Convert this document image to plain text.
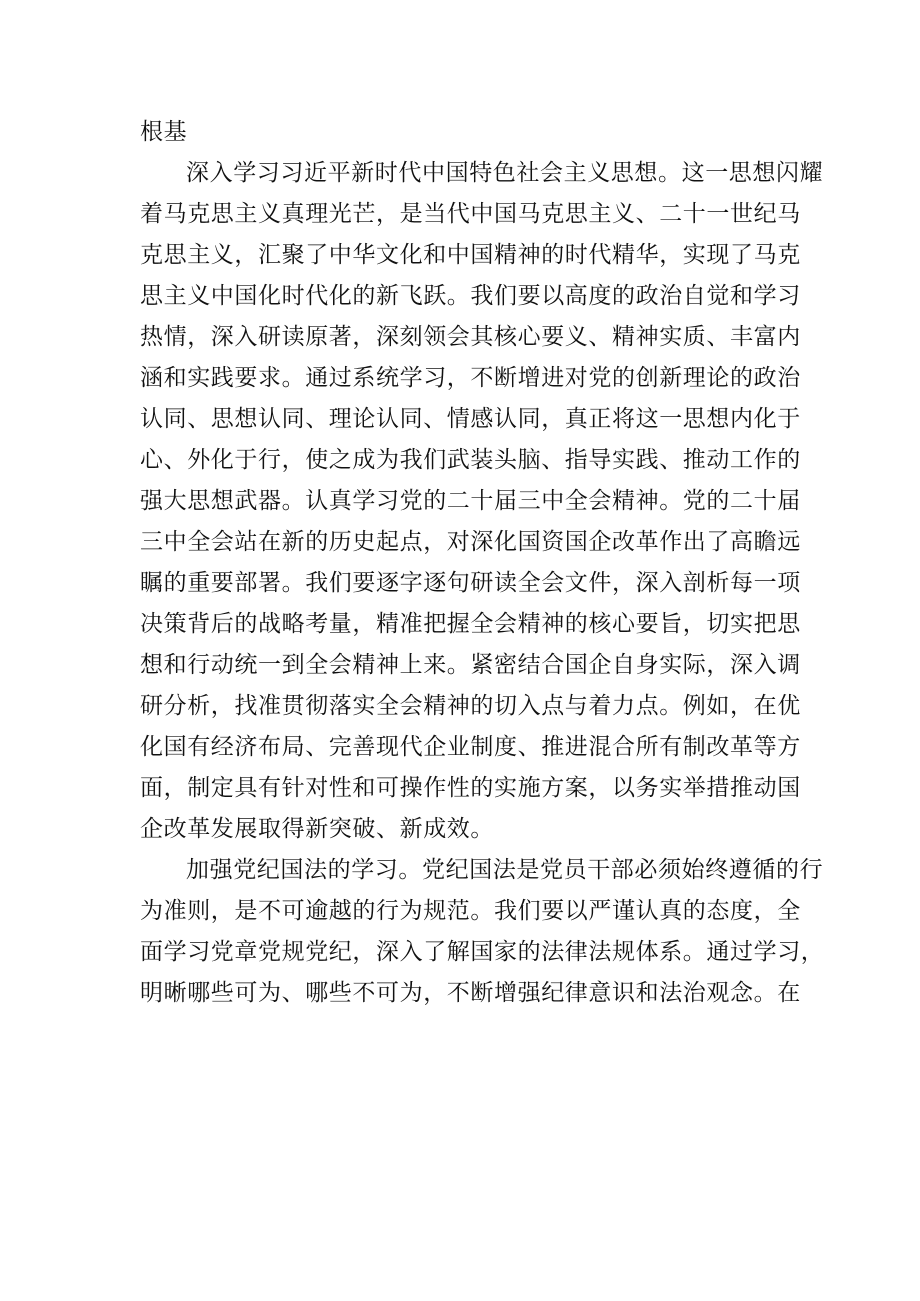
根基
深入学习习近平新时代中国特色社会主义思想。这一思想闪耀
着马克思主义真理光芒，是当代中国马克思主义、二十一世纪马
克思主义，汇聚了中华文化和中国精神的时代精华，实现了马克
思主义中国化时代化的新飞跃。我们要以高度的政治自觉和学习
热情，深入研读原著，深刻领会其核心要义、精神实质、丰富内
涵和实践要求。通过系统学习，不断增进对党的创新理论的政治
认同、思想认同、理论认同、情感认同，真正将这一思想内化于
心、外化于行，使之成为我们武装头脑、指导实践、推动工作的
强大思想武器。认真学习党的二十届三中全会精神。党的二十届
三中全会站在新的历史起点，对深化国资国企改革作出了高瞻远
瞩的重要部署。我们要逐字逐句研读全会文件，深入剖析每一项
决策背后的战略考量，精准把握全会精神的核心要旨，切实把思
想和行动统一到全会精神上来。紧密结合国企自身实际，深入调
研分析，找准贯彻落实全会精神的切入点与着力点。例如，在优
化国有经济布局、完善现代企业制度、推进混合所有制改革等方
面，制定具有针对性和可操作性的实施方案，以务实举措推动国
企改革发展取得新突破、新成效。
加强党纪国法的学习。党纪国法是党员干部必须始终遵循的行
为准则，是不可逾越的行为规范。我们要以严谨认真的态度，全
面学习党章党规党纪，深入了解国家的法律法规体系。通过学习，
明晰哪些可为、哪些不可为，不断增强纪律意识和法治观念。在
